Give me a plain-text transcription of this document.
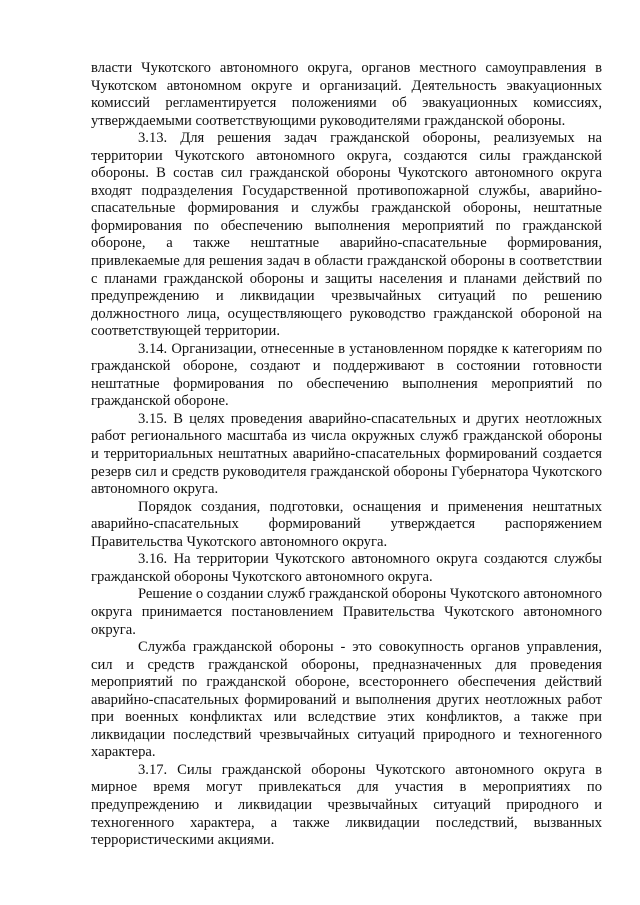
власти Чукотского автономного округа, органов местного самоуправления в Чукотском автономном округе и организаций. Деятельность эвакуационных комиссий регламентируется положениями об эвакуационных комиссиях, утверждаемыми соответствующими руководителями гражданской обороны.

3.13. Для решения задач гражданской обороны, реализуемых на территории Чукотского автономного округа, создаются силы гражданской обороны. В состав сил гражданской обороны Чукотского автономного округа входят подразделения Государственной противопожарной службы, аварийно-спасательные формирования и службы гражданской обороны, нештатные формирования по обеспечению выполнения мероприятий по гражданской обороне, а также нештатные аварийно-спасательные формирования, привлекаемые для решения задач в области гражданской обороны в соответствии с планами гражданской обороны и защиты населения и планами действий по предупреждению и ликвидации чрезвычайных ситуаций по решению должностного лица, осуществляющего руководство гражданской обороной на соответствующей территории.

3.14. Организации, отнесенные в установленном порядке к категориям по гражданской обороне, создают и поддерживают в состоянии готовности нештатные формирования по обеспечению выполнения мероприятий по гражданской обороне.

3.15. В целях проведения аварийно-спасательных и других неотложных работ регионального масштаба из числа окружных служб гражданской обороны и территориальных нештатных аварийно-спасательных формирований создается резерв сил и средств руководителя гражданской обороны Губернатора Чукотского автономного округа.

Порядок создания, подготовки, оснащения и применения нештатных аварийно-спасательных формирований утверждается распоряжением Правительства Чукотского автономного округа.

3.16. На территории Чукотского автономного округа создаются службы гражданской обороны Чукотского автономного округа.

Решение о создании служб гражданской обороны Чукотского автономного округа принимается постановлением Правительства Чукотского автономного округа.

Служба гражданской обороны - это совокупность органов управления, сил и средств гражданской обороны, предназначенных для проведения мероприятий по гражданской обороне, всестороннего обеспечения действий аварийно-спасательных формирований и выполнения других неотложных работ при военных конфликтах или вследствие этих конфликтов, а также при ликвидации последствий чрезвычайных ситуаций природного и техногенного характера.

3.17. Силы гражданской обороны Чукотского автономного округа в мирное время могут привлекаться для участия в мероприятиях по предупреждению и ликвидации чрезвычайных ситуаций природного и техногенного характера, а также ликвидации последствий, вызванных террористическими акциями.
